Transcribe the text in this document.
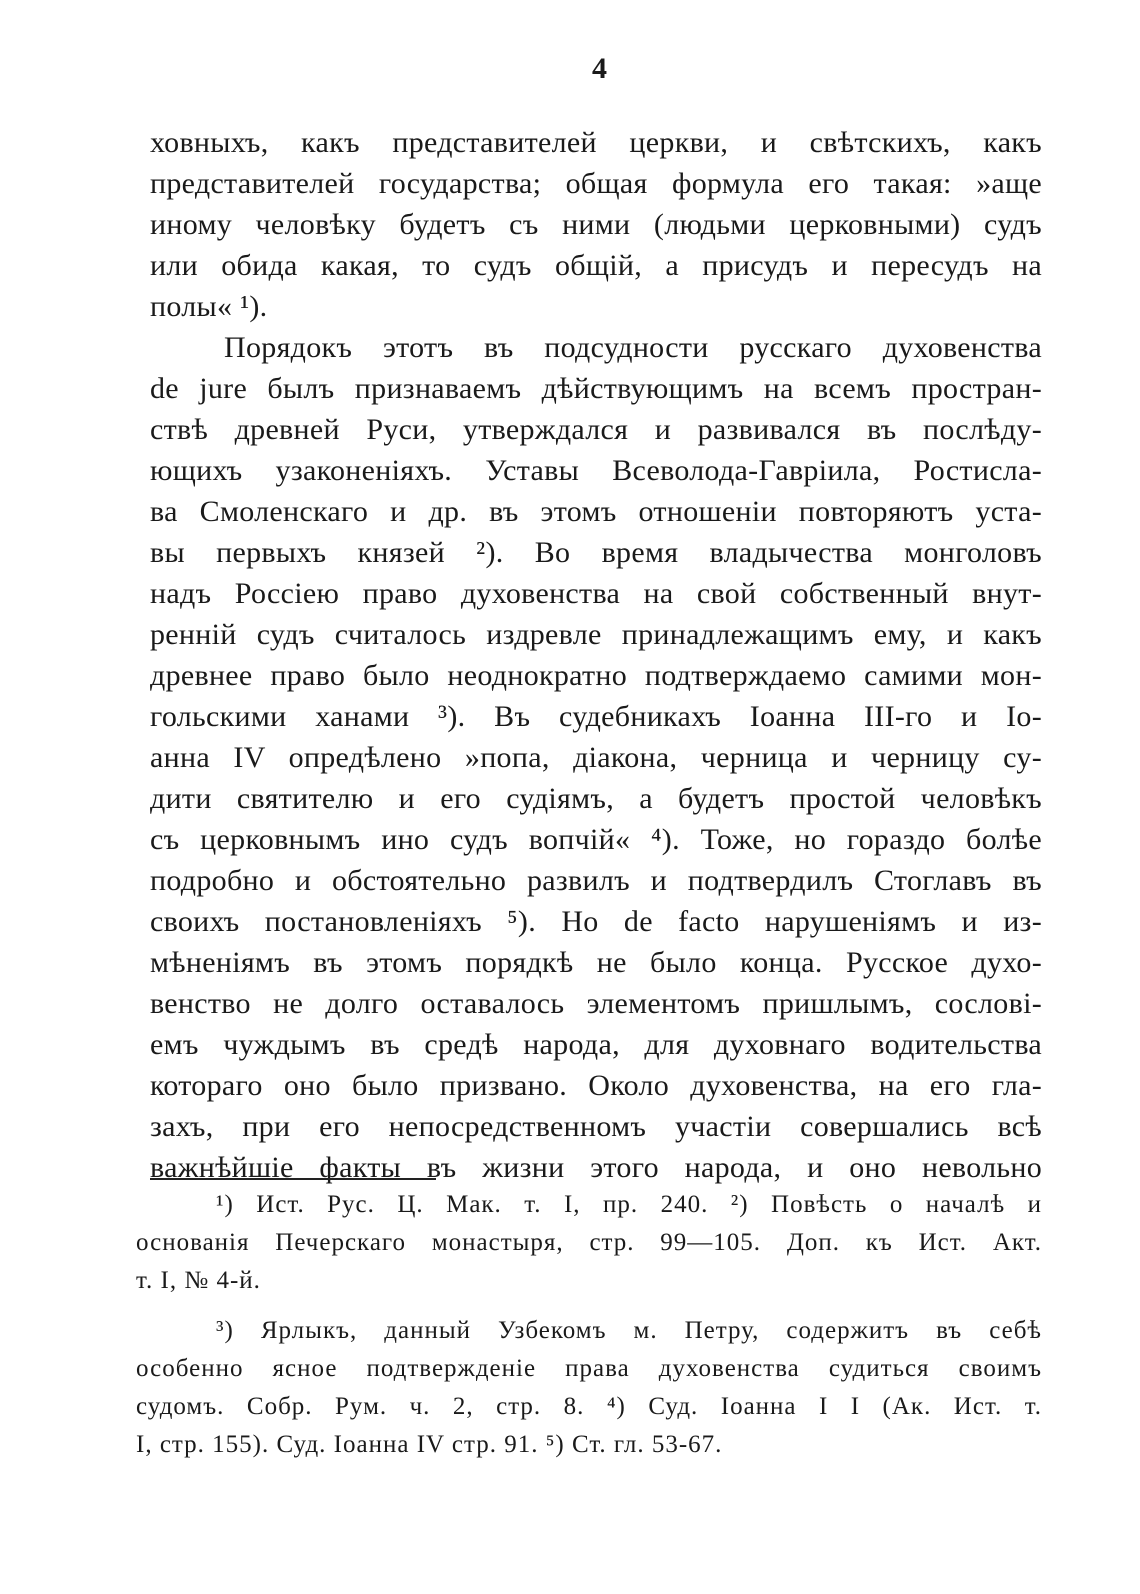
4
ховныхъ, какъ представителей церкви, и свѣтскихъ, какъ
представителей государства; общая формула его такая: »аще
иному человѣку будетъ съ ними (людьми церковными) судъ
или обида какая, то судъ общій, а присудъ и пересудъ на
полы« ¹).
Порядокъ этотъ въ подсудности русскаго духовенства
de jure былъ признаваемъ дѣйствующимъ на всемъ простран-
ствѣ древней Руси, утверждался и развивался въ послѣду-
ющихъ узаконеніяхъ. Уставы Всеволода-Гавріила, Ростисла-
ва Смоленскаго и др. въ этомъ отношеніи повторяютъ уста-
вы первыхъ князей ²). Во время владычества монголовъ
надъ Россіею право духовенства на свой собственный внут-
ренній судъ считалось издревле принадлежащимъ ему, и какъ
древнее право было неоднократно подтверждаемо самими мон-
гольскими ханами ³). Въ судебникахъ Іоанна III-го и Іо-
анна IV опредѣлено »попа, діакона, черница и черницу су-
дити святителю и его судіямъ, а будетъ простой человѣкъ
съ церковнымъ ино судъ вопчій« ⁴). Тоже, но гораздо болѣе
подробно и обстоятельно развилъ и подтвердилъ Стоглавъ въ
своихъ постановленіяхъ ⁵). Но de facto нарушеніямъ и из-
мѣненіямъ въ этомъ порядкѣ не было конца. Русское духо-
венство не долго оставалось элементомъ пришлымъ, сослові-
емъ чуждымъ въ средѣ народа, для духовнаго водительства
котораго оно было призвано. Около духовенства, на его гла-
захъ, при его непосредственномъ участіи совершались всѣ
важнѣйшіе факты въ жизни этого народа, и оно невольно
¹) Ист. Рус. Ц. Мак. т. I, пр. 240. ²) Повѣсть о началѣ и
основанія Печерскаго монастыря, стр. 99—105. Доп. къ Ист. Акт.
т. I, № 4-й.
³) Ярлыкъ, данный Узбекомъ м. Петру, содержитъ въ себѣ
особенно ясное подтвержденіе права духовенства судиться своимъ
судомъ. Собр. Рум. ч. 2, стр. 8. ⁴) Суд. Іоанна I I (Ак. Ист. т.
I, стр. 155). Суд. Іоанна IV стр. 91. ⁵) Ст. гл. 53-67.
